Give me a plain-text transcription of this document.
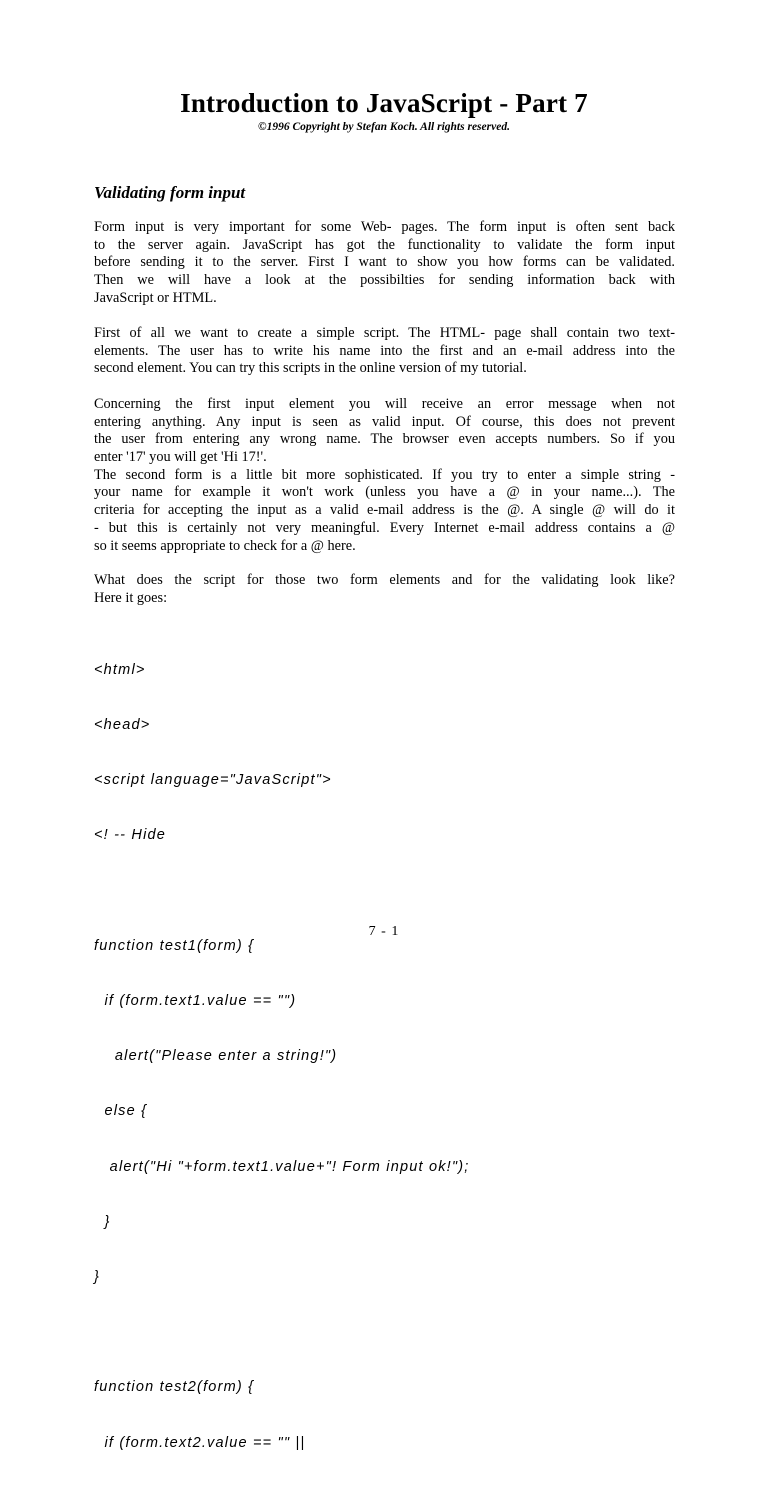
Introduction to JavaScript - Part 7
©1996 Copyright by Stefan Koch. All rights reserved.
Validating form input
Form input is very important for some Web- pages. The form input is often sent back
to the server again. JavaScript has got the functionality to validate the form input
before sending it to the server. First I want to show you how forms can be validated.
Then we will have a look at the possibilties for sending information back with
JavaScript or HTML.
First of all we want to create a simple script. The HTML- page shall contain two text-
elements. The user has to write his name into the first and an e-mail address into the
second element. You can try this scripts in the online version of my tutorial.
Concerning the first input element you will receive an error message when not
entering anything. Any input is seen as valid input. Of course, this does not prevent
the user from entering any wrong name. The browser even accepts numbers. So if you
enter '17' you will get 'Hi 17!'.
The second form is a little bit more sophisticated. If you try to enter a simple string -
your name for example it won't work (unless you have a @ in your name...). The
criteria for accepting the input as a valid e-mail address is the @. A single @ will do it
- but this is certainly not very meaningful. Every Internet e-mail address contains a @
so it seems appropriate to check for a @ here.
What does the script for those two form elements and for the validating look like?
Here it goes:

<html>

<head>

<script language="JavaScript">

<! -- Hide

function test1(form) {

if (form.text1.value == "")

alert("Please enter a string!")

else {

alert("Hi "+form.text1.value+"! Form input ok!");

}

}

function test2(form) {

if (form.text2.value == "" ||

7 - 1
